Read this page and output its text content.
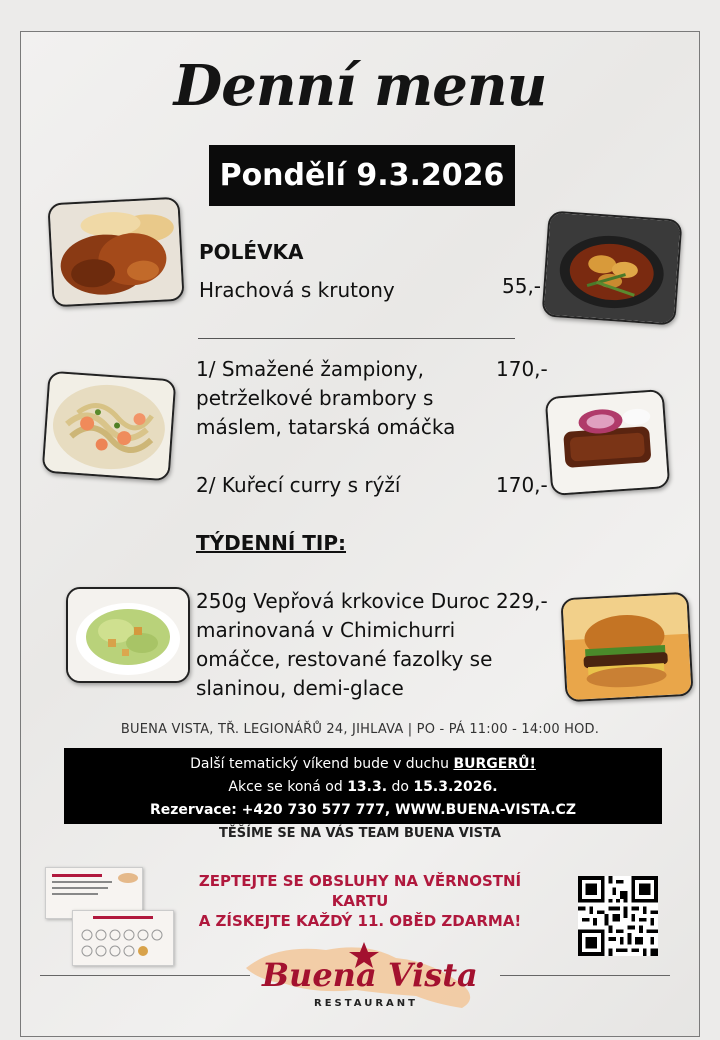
Denní menu
Pondělí 9.3.2026
POLÉVKA
Hrachová s krutony	55,-
1/ Smažené žampiony,
petrželkové brambory s
máslem, tatarská omáčka
170,-
2/ Kuřecí curry s rýží	170,-
TÝDENNÍ TIP:
250g Vepřová krkovice Duroc
marinovaná v Chimichurri
omáčce, restované fazolky se
slaninou, demi-glace
229,-
BUENA VISTA, TŘ. LEGIONÁŘŮ 24, JIHLAVA | PO - PÁ 11:00 - 14:00 HOD.
Další tematický víkend bude v duchu BURGERŮ!
Akce se koná od 13.3. do 15.3.2026.
Rezervace: +420 730 577 777, WWW.BUENA-VISTA.CZ
TĚŠÍME SE NA VÁS TEAM BUENA VISTA
ZEPTEJTE SE OBSLUHY NA VĚRNOSTNÍ KARTU
A ZÍSKEJTE KAŽDÝ 11. OBĚD ZDARMA!
Buena Vista
RESTAURANT
